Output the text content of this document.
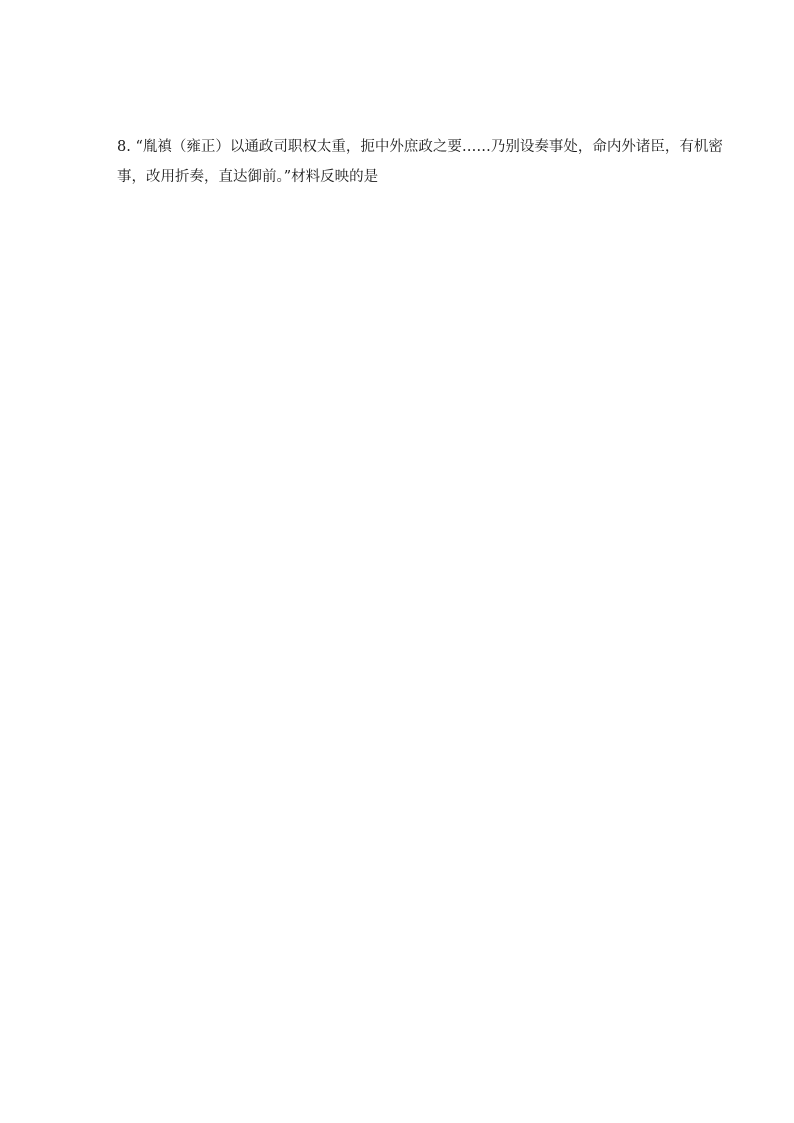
8. “胤禛（雍正）以通政司职权太重，扼中外庶政之要……乃别设奏事处，命内外诸臣，有机密
事，改用折奏，直达御前。”材料反映的是
